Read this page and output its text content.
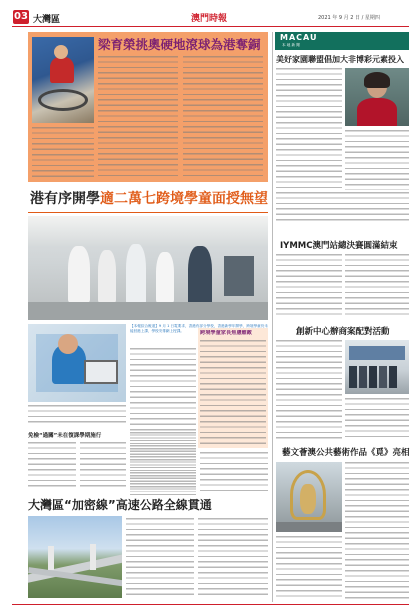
03 大灣區	澳門時報	2021 年 9 月 2 日 / 星期四
梁育榮挑奧硬地滾球為港奪銅
港有序開學適二萬七跨境學童面授無望
【本報綜合報道】9 月 1 日電要求，香港有部分學校，香港新學年開學，跨境學童仍未能回港上課，學校安排網上授課。	跨境學童家長焦慮難敵
免檢“過關”未在復課學期施行
大灣區“加密線”高速公路全線貫通
MACAU
本 地 新 聞
美好家園聯盟倡加大非博彩元素投入
IYMMC澳門站總決賽圓滿結束
創新中心辦商案配對活動
藝文薈澳公共藝術作品《覓》亮相
